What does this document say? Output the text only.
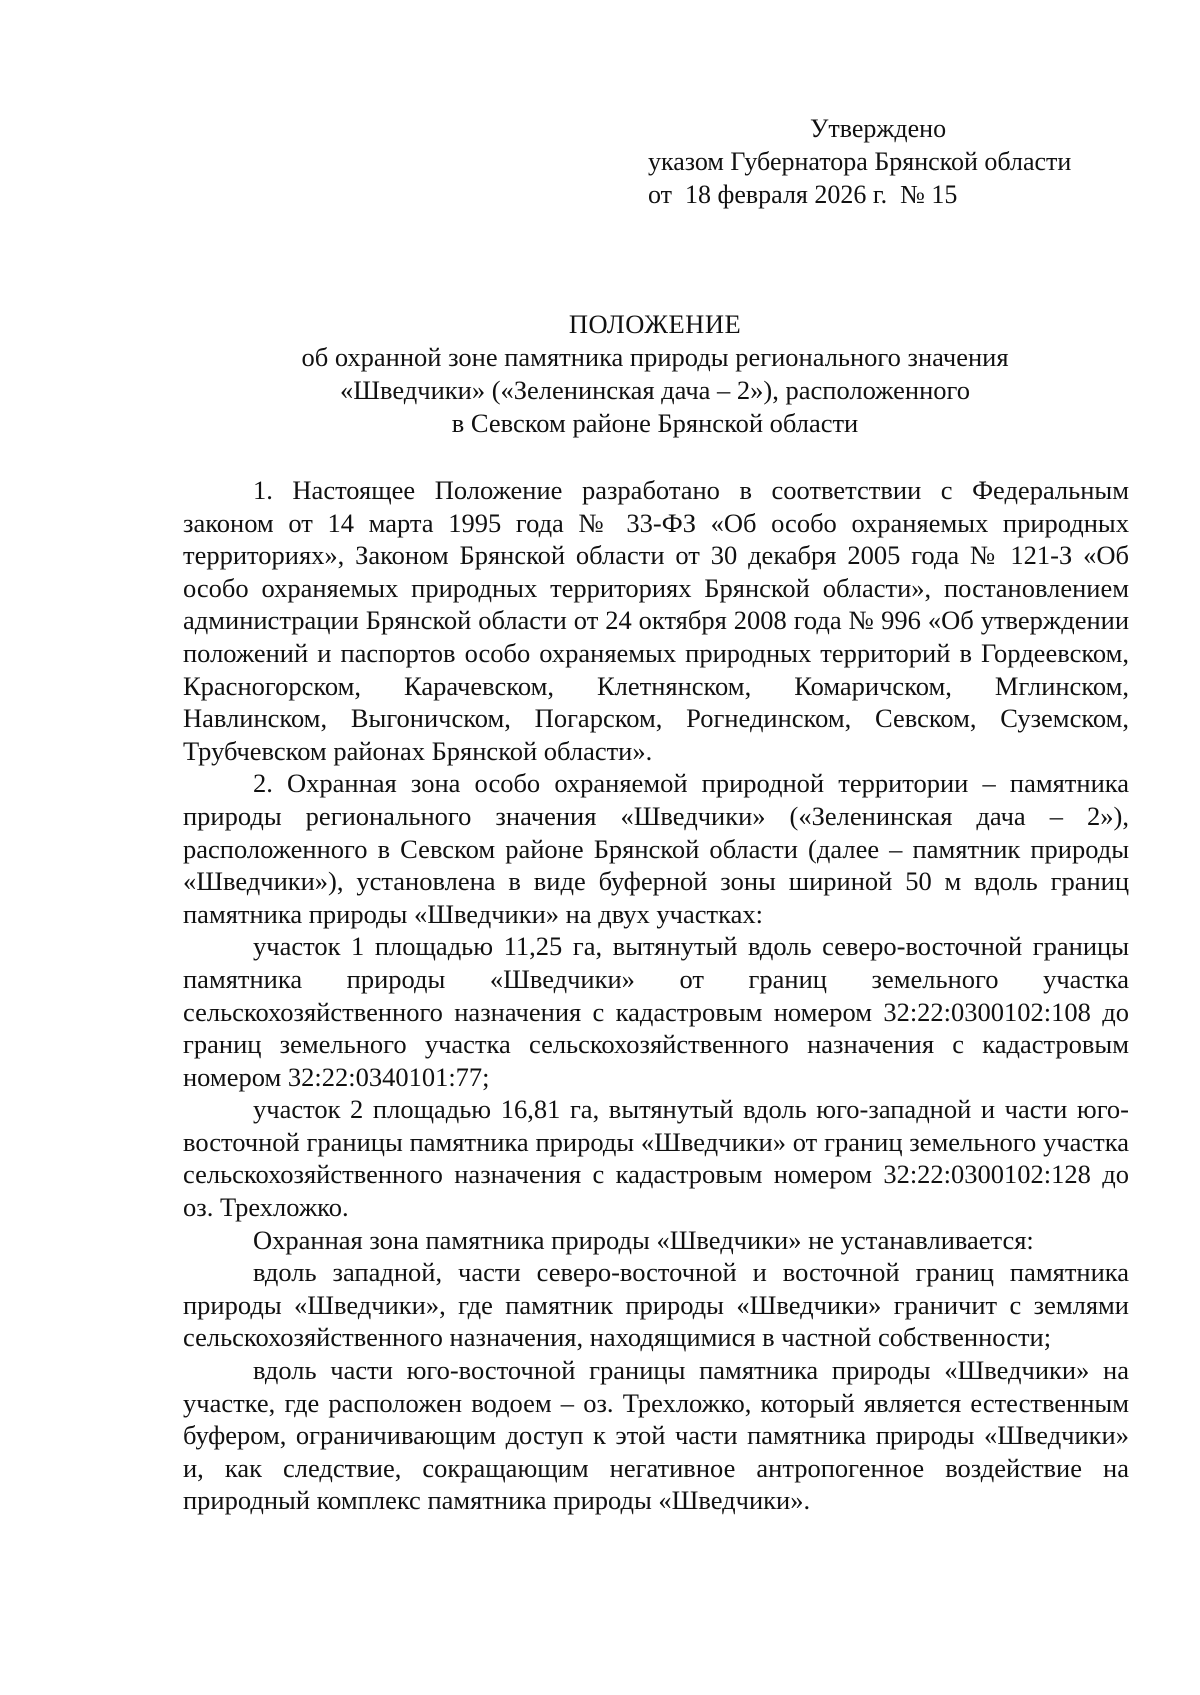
Утверждено
указом Губернатора Брянской области
от  18 февраля 2026 г.  № 15
ПОЛОЖЕНИЕ
об охранной зоне памятника природы регионального значения
«Шведчики» («Зеленинская дача – 2»), расположенного
в Севском районе Брянской области

1. Настоящее Положение разработано в соответствии с Федеральным законом от 14 марта 1995 года № 33-ФЗ «Об особо охраняемых природных территориях», Законом Брянской области от 30 декабря 2005 года № 121-З «Об особо охраняемых природных территориях Брянской области», постановлением администрации Брянской области от 24 октября 2008 года № 996 «Об утверждении положений и паспортов особо охраняемых природных территорий в Гордеевском, Красногорском, Карачевском, Клетнянском, Комаричском, Мглинском, Навлинском, Выгоничском, Погарском, Рогнединском, Севском, Суземском, Трубчевском районах Брянской области».

2. Охранная зона особо охраняемой природной территории – памятника природы регионального значения «Шведчики» («Зеленинская дача – 2»), расположенного в Севском районе Брянской области (далее – памятник природы «Шведчики»), установлена в виде буферной зоны шириной 50 м вдоль границ памятника природы «Шведчики» на двух участках:

участок 1 площадью 11,25 га, вытянутый вдоль северо-восточной границы памятника природы «Шведчики» от границ земельного участка сельскохозяйственного назначения с кадастровым номером 32:22:0300102:108 до границ земельного участка сельскохозяйственного назначения с кадастровым номером 32:22:0340101:77;

участок 2 площадью 16,81 га, вытянутый вдоль юго-западной и части юго-восточной границы памятника природы «Шведчики» от границ земельного участка сельскохозяйственного назначения с кадастровым номером 32:22:0300102:128 до оз. Трехложко.

Охранная зона памятника природы «Шведчики» не устанавливается:

вдоль западной, части северо-восточной и восточной границ памятника природы «Шведчики», где памятник природы «Шведчики» граничит с землями сельскохозяйственного назначения, находящимися в частной собственности;

вдоль части юго-восточной границы памятника природы «Шведчики» на участке, где расположен водоем – оз. Трехложко, который является естественным буфером, ограничивающим доступ к этой части памятника природы «Шведчики» и, как следствие, сокращающим негативное антропогенное воздействие на природный комплекс памятника природы «Шведчики».
